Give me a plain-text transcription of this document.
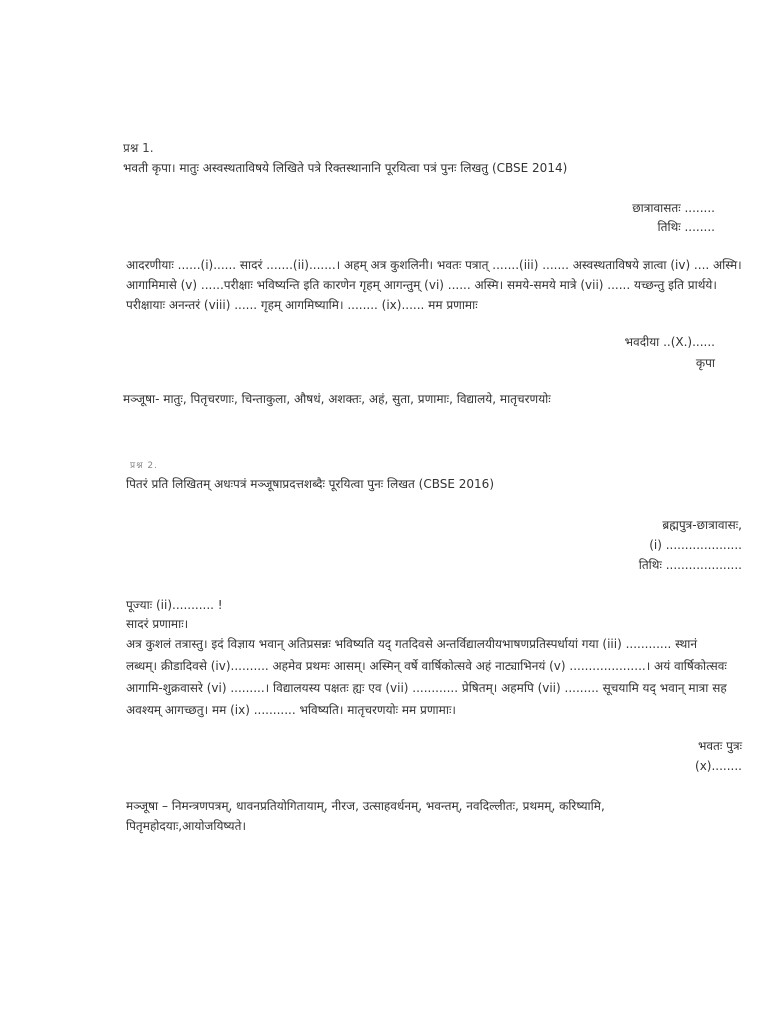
प्रश्न 1.
भवती कृपा। मातुः अस्वस्थताविषये लिखिते पत्रे रिक्तस्थानानि पूरयित्वा पत्रं पुनः लिखतु (CBSE 2014)
छात्रावासतः ........
तिथिः ........
आदरणीयाः ......(i)...... सादरं .......(ii).......। अहम् अत्र कुशलिनी। भवतः पत्रात् .......(iii) ....... अस्वस्थताविषये ज्ञात्वा (iv) .... अस्मि।
आगामिमासे (v) ......परीक्षाः भविष्यन्ति इति कारणेन गृहम् आगन्तुम् (vi) ...... अस्मि। समये-समये मात्रे (vii) ...... यच्छन्तु इति प्रार्थये।
परीक्षायाः अनन्तरं (viii) ...... गृहम् आगमिष्यामि। ........ (ix)...... मम प्रणामाः
भवदीया ..(X.)......
कृपा
मञ्जूषा- मातुः, पितृचरणाः, चिन्ताकुला, औषधं, अशक्तः, अहं, सुता, प्रणामाः, विद्यालये, मातृचरणयोः
प्रश्न 2.
पितरं प्रति लिखितम् अधःपत्रं मञ्जूषाप्रदत्तशब्दैः पूरयित्वा पुनः लिखत (CBSE 2016)
ब्रह्मपुत्र-छात्रावासः,
(i) ....................
तिथिः ....................
पूज्याः (ii)........... !
सादरं प्रणामाः।
अत्र कुशलं तत्रास्तु। इदं विज्ञाय भवान् अतिप्रसन्नः भविष्यति यद् गतदिवसे अन्तर्विद्यालयीयभाषणप्रतिस्पर्धायां गया (iii) ............ स्थानं
लब्धम्। क्रीडादिवसे (iv).......... अहमेव प्रथमः आसम्। अस्मिन् वर्षे वार्षिकोत्सवे अहं नाट्याभिनयं (v) ....................। अयं वार्षिकोत्सवः
आगामि-शुक्रवासरे (vi) .........। विद्यालयस्य पक्षतः ह्यः एव (vii) ............ प्रेषितम्। अहमपि (vii) ......... सूचयामि यद् भवान् मात्रा सह
अवश्यम् आगच्छतु। मम (ix) ........... भविष्यति। मातृचरणयोः मम प्रणामाः।
भवतः पुत्रः
(x)........
मञ्जूषा – निमन्त्रणपत्रम्, धावनप्रतियोगितायाम्, नीरज, उत्साहवर्धनम्, भवन्तम्, नवदिल्लीतः, प्रथमम्, करिष्यामि,
पितृमहोदयाः,आयोजयिष्यते।
